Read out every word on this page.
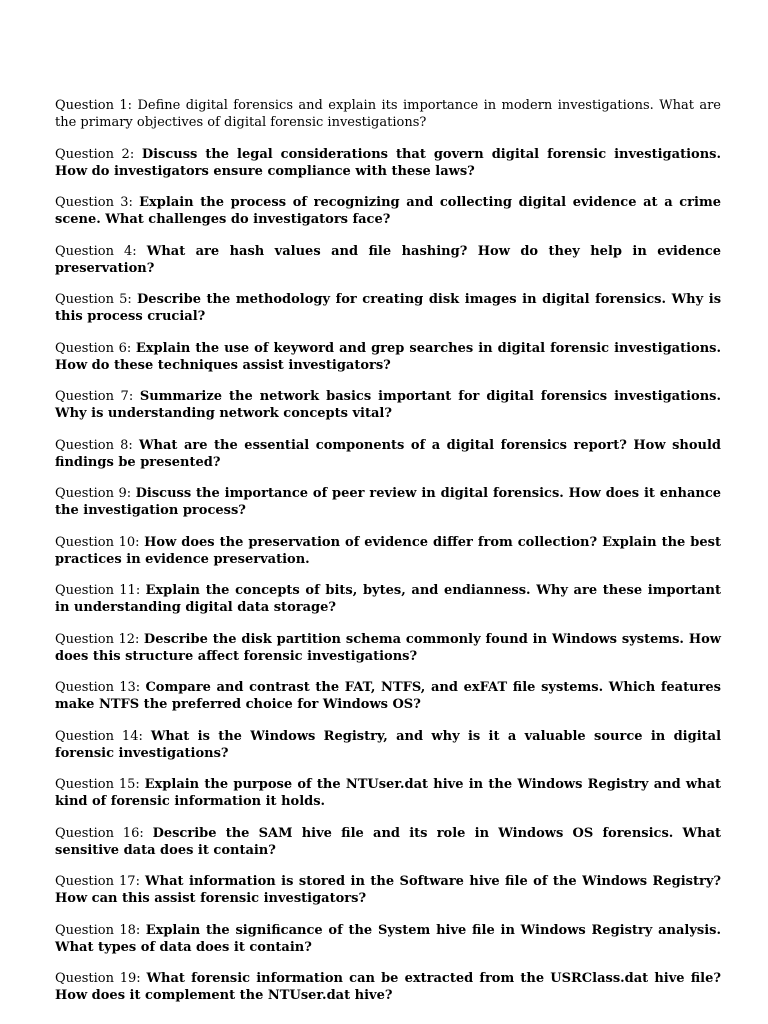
Question 1: Define digital forensics and explain its importance in modern investigations. What are the primary objectives of digital forensic investigations?

Question 2: Discuss the legal considerations that govern digital forensic investigations. How do investigators ensure compliance with these laws?

Question 3: Explain the process of recognizing and collecting digital evidence at a crime scene. What challenges do investigators face?

Question 4: What are hash values and file hashing? How do they help in evidence preservation?

Question 5: Describe the methodology for creating disk images in digital forensics. Why is this process crucial?

Question 6: Explain the use of keyword and grep searches in digital forensic investigations. How do these techniques assist investigators?

Question 7: Summarize the network basics important for digital forensics investigations. Why is understanding network concepts vital?

Question 8: What are the essential components of a digital forensics report? How should findings be presented?

Question 9: Discuss the importance of peer review in digital forensics. How does it enhance the investigation process?

Question 10: How does the preservation of evidence differ from collection? Explain the best practices in evidence preservation.

Question 11: Explain the concepts of bits, bytes, and endianness. Why are these important in understanding digital data storage?

Question 12: Describe the disk partition schema commonly found in Windows systems. How does this structure affect forensic investigations?

Question 13: Compare and contrast the FAT, NTFS, and exFAT file systems. Which features make NTFS the preferred choice for Windows OS?

Question 14: What is the Windows Registry, and why is it a valuable source in digital forensic investigations?

Question 15: Explain the purpose of the NTUser.dat hive in the Windows Registry and what kind of forensic information it holds.

Question 16: Describe the SAM hive file and its role in Windows OS forensics. What sensitive data does it contain?

Question 17: What information is stored in the Software hive file of the Windows Registry? How can this assist forensic investigators?

Question 18: Explain the significance of the System hive file in Windows Registry analysis. What types of data does it contain?

Question 19: What forensic information can be extracted from the USRClass.dat hive file? How does it complement the NTUser.dat hive?
